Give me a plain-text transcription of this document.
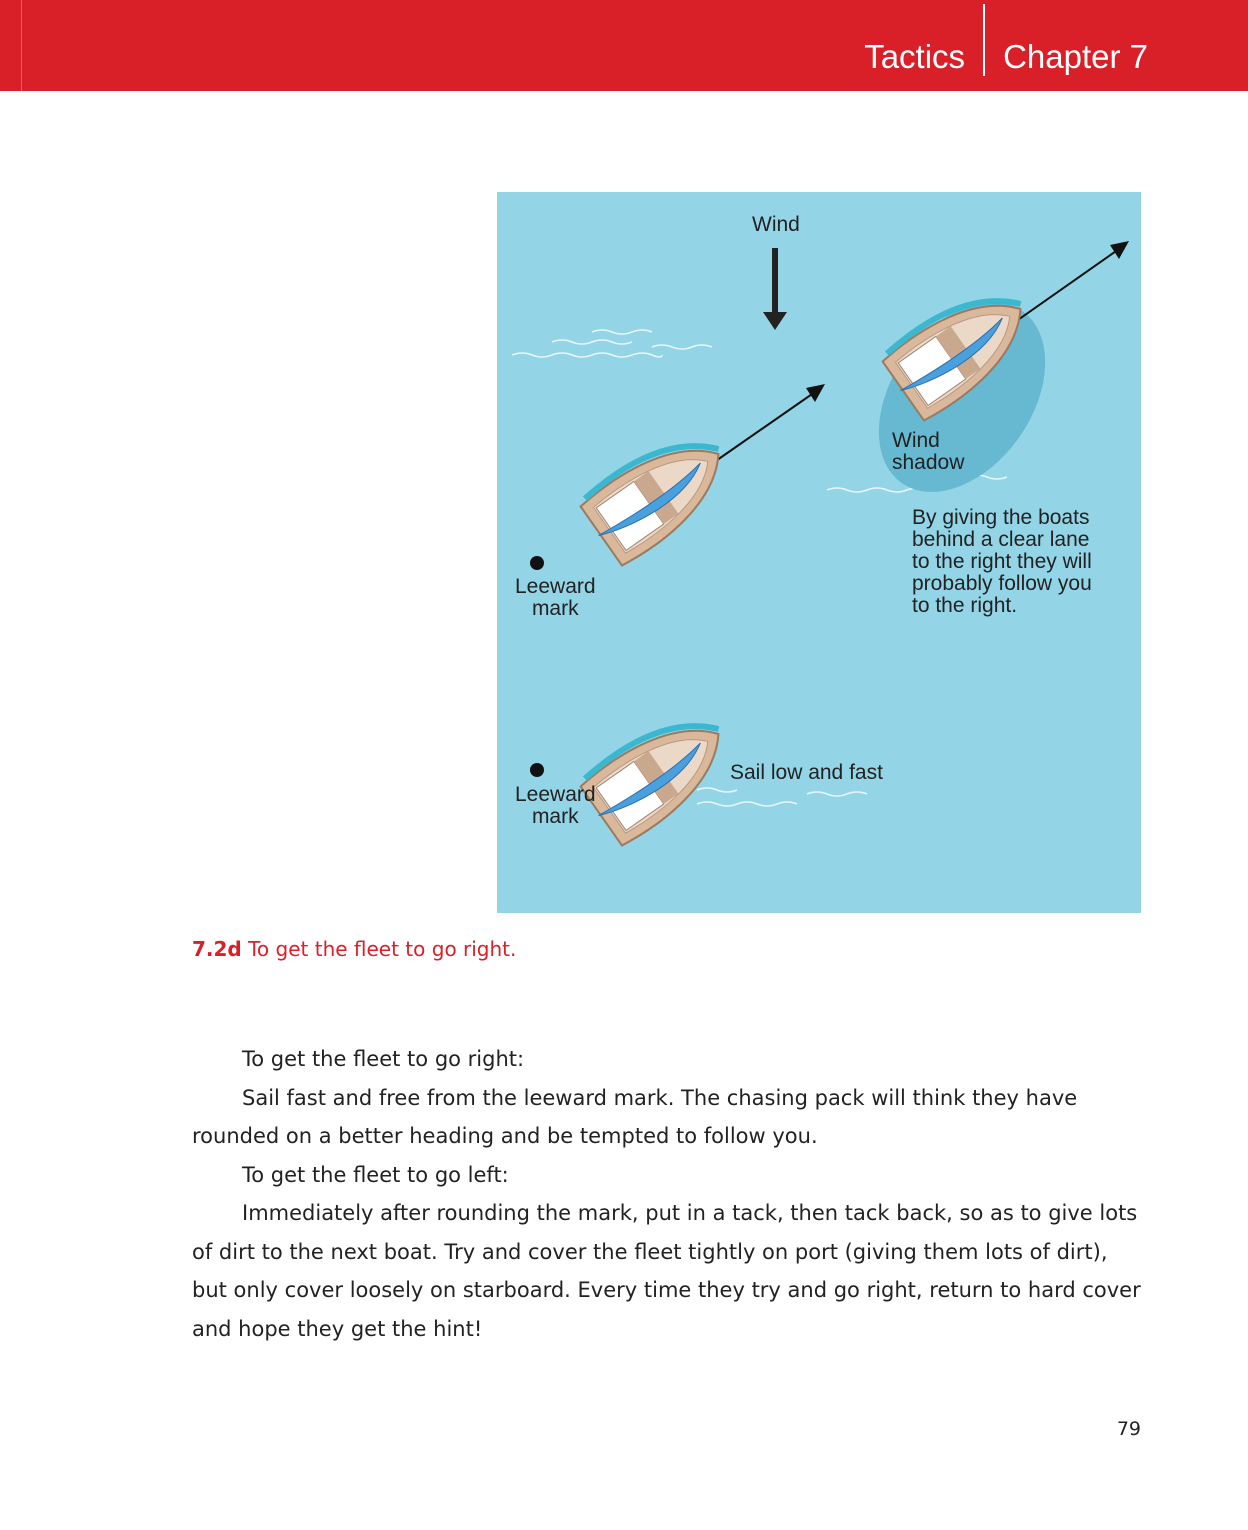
Tactics Chapter 7
Wind
Wind
shadow
Leeward
mark
Leeward
mark
Sail low and fast
By giving the boats
behind a clear lane
to the right they will
probably follow you
to the right.
7.2d To get the fleet to go right.

To get the fleet to go right:

Sail fast and free from the leeward mark. The chasing pack will think they have rounded on a better heading and be tempted to follow you.

To get the fleet to go left:

Immediately after rounding the mark, put in a tack, then tack back, so as to give lots of dirt to the next boat. Try and cover the fleet tightly on port (giving them lots of dirt), but only cover loosely on starboard. Every time they try and go right, return to hard cover and hope they get the hint!

79
